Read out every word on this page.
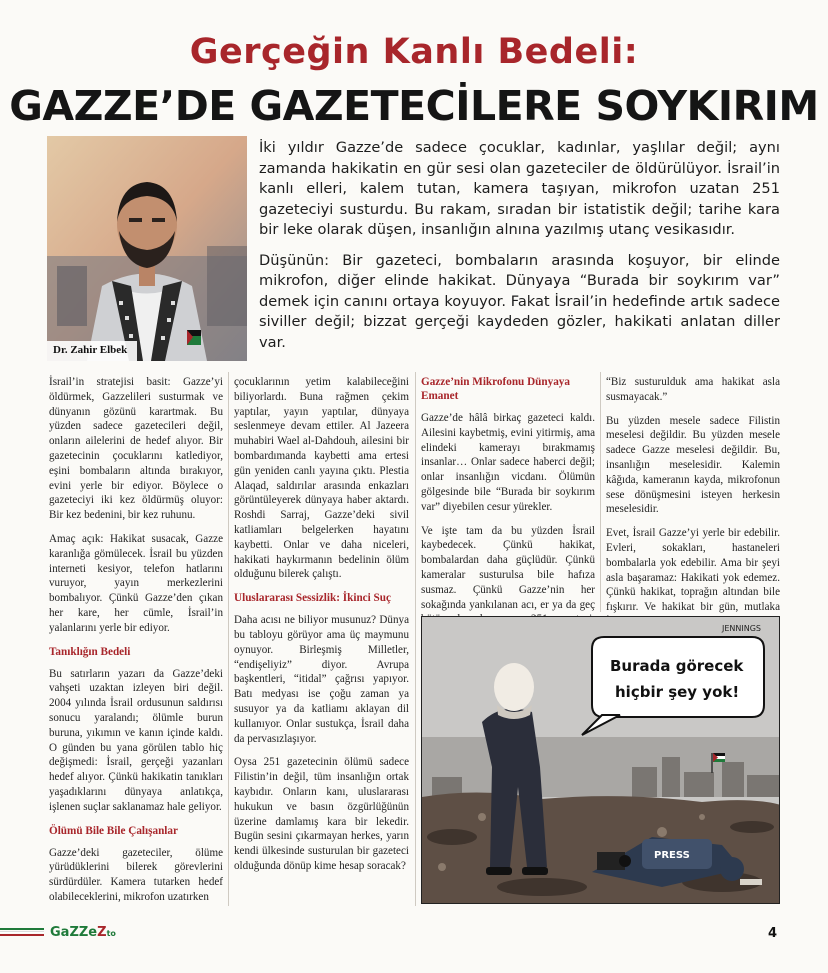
Gerçeğin Kanlı Bedeli:
GAZZE’DE GAZETECİLERE SOYKIRIM
Dr. Zahir Elbek

İki yıldır Gazze’de sadece çocuklar, kadınlar, yaşlılar değil; aynı zamanda hakikatin en gür sesi olan gazeteciler de öldürülüyor. İsrail’in kanlı elleri, kalem tutan, kamera taşıyan, mikrofon uzatan 251 gazeteciyi susturdu. Bu rakam, sıradan bir istatistik değil; tarihe kara bir leke olarak düşen, insanlığın alnına yazılmış utanç vesikasıdır.

Düşünün: Bir gazeteci, bombaların arasında koşuyor, bir elinde mikrofon, diğer elinde hakikat. Dünyaya “Burada bir soykırım var” demek için canını ortaya koyuyor. Fakat İsrail’in hedefinde artık sadece siviller değil; bizzat gerçeği kaydeden gözler, hakikati anlatan diller var.

İsrail’in stratejisi basit: Gazze’yi öldürmek, Gazzelileri susturmak ve dünyanın gözünü karartmak. Bu yüzden sadece gazetecileri değil, onların ailelerini de hedef alıyor. Bir gazetecinin çocuklarını katlediyor, eşini bombaların altında bırakıyor, evini yerle bir ediyor. Böylece o gazeteciyi iki kez öldürmüş oluyor: Bir kez bedenini, bir kez ruhunu.

Amaç açık: Hakikat susacak, Gazze karanlığa gömülecek. İsrail bu yüzden interneti kesiyor, telefon hatlarını vuruyor, yayın merkezlerini bombalıyor. Çünkü Gazze’den çıkan her kare, her cümle, İsrail’in yalanlarını yerle bir ediyor.

Tanıklığın Bedeli

Bu satırların yazarı da Gazze’deki vahşeti uzaktan izleyen biri değil. 2004 yılında İsrail ordusunun saldırısı sonucu yaralandı; ölümle burun buruna, yıkımın ve kanın içinde kaldı. O günden bu yana görülen tablo hiç değişmedi: İsrail, gerçeği yazanları hedef alıyor. Çünkü hakikatin tanıkları yaşadıklarını dünyaya anlatıkça, işlenen suçlar saklanamaz hale geliyor.

Ölümü Bile Bile Çalışanlar

Gazze’deki gazeteciler, ölüme yürüdüklerini bilerek görevlerini sürdürdüler. Kamera tutarken hedef olabileceklerini, mikrofon uzatırken

çocuklarının yetim kalabileceğini biliyorlardı. Buna rağmen çekim yaptılar, yayın yaptılar, dünyaya seslenmeye devam ettiler. Al Jazeera muhabiri Wael al-Dahdouh, ailesini bir bombardımanda kaybetti ama ertesi gün yeniden canlı yayına çıktı. Plestia Alaqad, saldırılar arasında enkazları görüntüleyerek dünyaya haber aktardı. Roshdi Sarraj, Gazze’deki sivil katliamları belgelerken hayatını kaybetti. Onlar ve daha niceleri, hakikati haykırmanın bedelinin ölüm olduğunu bilerek çalıştı.

Uluslararası Sessizlik: İkinci Suç

Daha acısı ne biliyor musunuz? Dünya bu tabloyu görüyor ama üç maymunu oynuyor. Birleşmiş Milletler, “endişeliyiz” diyor. Avrupa başkentleri, “itidal” çağrısı yapıyor. Batı medyası ise çoğu zaman ya susuyor ya da katliamı aklayan dil kullanıyor. Onlar sustukça, İsrail daha da pervasızlaşıyor.

Oysa 251 gazetecinin ölümü sadece Filistin’in değil, tüm insanlığın ortak kaybıdır. Onların kanı, uluslararası hukukun ve basın özgürlüğünün üzerine damlamış kara bir lekedir. Bugün sesini çıkarmayan herkes, yarın kendi ülkesinde susturulan bir gazeteci olduğunda dönüp kime hesap soracak?

Gazze’nin Mikrofonu Dünyaya Emanet

Gazze’de hâlâ birkaç gazeteci kaldı. Ailesini kaybetmiş, evini yitirmiş, ama elindeki kamerayı bırakmamış insanlar… Onlar sadece haberci değil; onlar insanlığın vicdanı. Ölümün gölgesinde bile “Burada bir soykırım var” diyebilen cesur yürekler.

Ve işte tam da bu yüzden İsrail kaybedecek. Çünkü hakikat, bombalardan daha güçlüdür. Çünkü kameralar susturulsa bile hafıza susmaz. Çünkü Gazze’nin her sokağında yankılanan acı, er ya da geç

“Biz susturulduk ama hakikat asla susmayacak.”

Bu yüzden mesele sadece Filistin meselesi değildir. Bu yüzden mesele sadece Gazze meselesi değildir. Bu, insanlığın meselesidir. Kalemin kâğıda, kameranın kayda, mikrofonun sese dönüşmesini isteyen herkesin meselesidir.

Evet, İsrail Gazze’yi yerle bir edebilir. Evleri, sokakları, hastaneleri bombalarla yok edebilir. Ama bir şeyi asla başaramaz: Hakikati yok edemez. Çünkü hakikat, toprağın altından bile fışkırır. Ve hakikat bir gün, mutlaka

PRESS
Burada görecek
hiçbir şey yok!
JENNINGS
GaZZeZto	4
